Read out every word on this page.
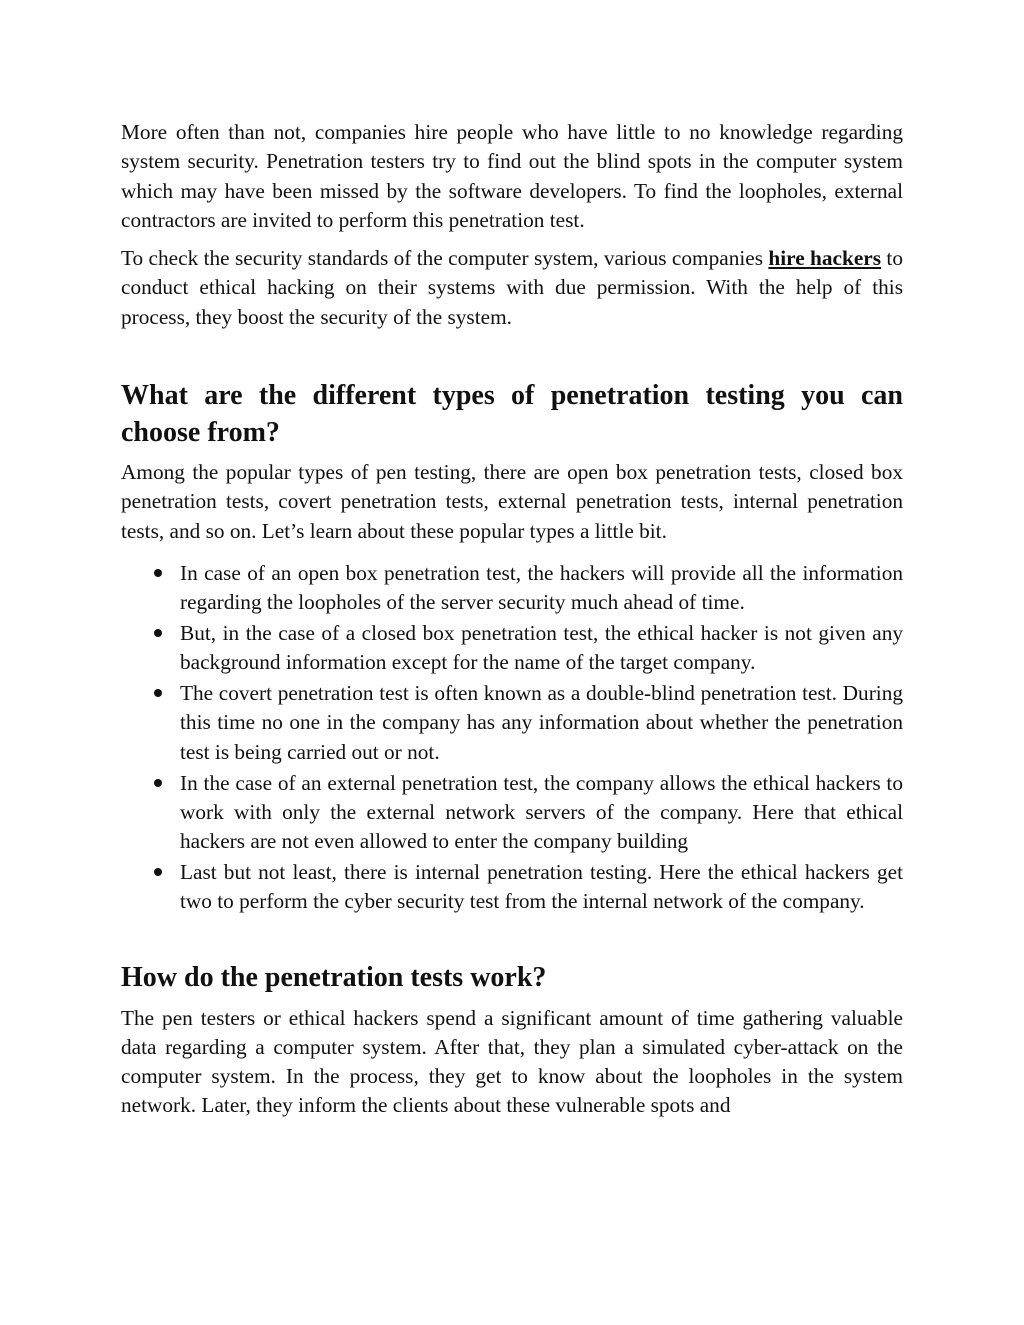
More often than not, companies hire people who have little to no knowledge regarding system security. Penetration testers try to find out the blind spots in the computer system which may have been missed by the software developers. To find the loopholes, external contractors are invited to perform this penetration test.

To check the security standards of the computer system, various companies hire hackers to conduct ethical hacking on their systems with due permission. With the help of this process, they boost the security of the system.

What are the different types of penetration testing you can choose from?

Among the popular types of pen testing, there are open box penetration tests, closed box penetration tests, covert penetration tests, external penetration tests, internal penetration tests, and so on. Let’s learn about these popular types a little bit.

In case of an open box penetration test, the hackers will provide all the information regarding the loopholes of the server security much ahead of time.
But, in the case of a closed box penetration test, the ethical hacker is not given any background information except for the name of the target company.
The covert penetration test is often known as a double-blind penetration test. During this time no one in the company has any information about whether the penetration test is being carried out or not.
In the case of an external penetration test, the company allows the ethical hackers to work with only the external network servers of the company. Here that ethical hackers are not even allowed to enter the company building
Last but not least, there is internal penetration testing. Here the ethical hackers get two to perform the cyber security test from the internal network of the company.
How do the penetration tests work?

The pen testers or ethical hackers spend a significant amount of time gathering valuable data regarding a computer system. After that, they plan a simulated cyber-attack on the computer system. In the process, they get to know about the loopholes in the system network. Later, they inform the clients about these vulnerable spots and
